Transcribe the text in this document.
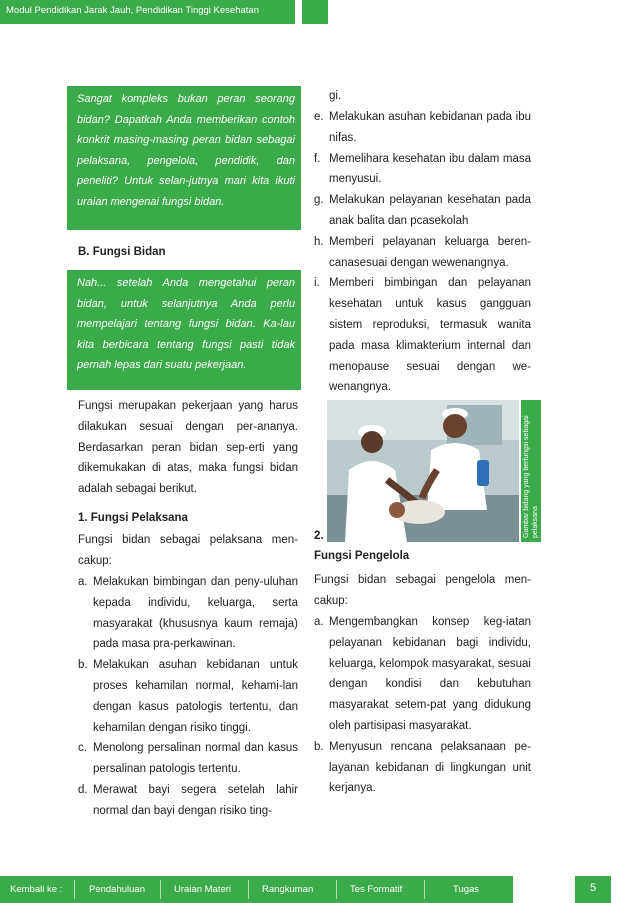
Modul Pendidikan Jarak Jauh, Pendidikan Tinggi Kesehatan

Sangat kompleks bukan peran seorang bidan? Dapatkah Anda memberikan contoh konkrit masing-masing peran bidan sebagai pelaksana, pengelola, pendidik, dan peneliti? Untuk selan-jutnya mari kita ikuti uraian mengenai fungsi bidan.

B. Fungsi Bidan

Nah... setelah Anda mengetahui peran bidan, untuk selanjutnya Anda perlu mempelajari tentang fungsi bidan. Ka-lau kita berbicara tentang fungsi pasti tidak pernah lepas dari suatu pekerjaan.

Fungsi merupakan pekerjaan yang harus dilakukan sesuai dengan per-ananya. Berdasarkan peran bidan sep-erti yang dikemukakan di atas, maka fungsi bidan adalah sebagai berikut.
1. Fungsi Pelaksana
Fungsi bidan sebagai pelaksana men-cakup:
a. Melakukan bimbingan dan peny-uluhan kepada individu, keluarga, serta masyarakat (khususnya kaum remaja) pada masa pra-perkawinan.
b. Melakukan asuhan kebidanan untuk proses kehamilan normal, kehami-lan dengan kasus patologis tertentu, dan kehamilan dengan risiko tinggi.
c. Menolong persalinan normal dan kasus persalinan patologis tertentu.
d. Merawat bayi segera setelah lahir normal dan bayi dengan risiko ting-
gi.
e. Melakukan asuhan kebidanan pada ibu nifas.
f. Memelihara kesehatan ibu dalam masa menyusui.
g. Melakukan pelayanan kesehatan pada anak balita dan pcasekolah
h. Memberi pelayanan keluarga beren-canasesuai dengan wewenangnya.
i. Memberi bimbingan dan pelayanan kesehatan untuk kasus gangguan sistem reproduksi, termasuk wanita pada masa klimakterium internal dan menopause sesuai dengan we-wenangnya.
Gambar bidang yang berfungsi sebagai pelaksana
2.
Fungsi Pengelola
Fungsi bidan sebagai pengelola men-cakup:
a. Mengembangkan konsep keg-iatan pelayanan kebidanan bagi individu, keluarga, kelompok masyarakat, sesuai dengan kondisi dan kebutuhan masyarakat setem-pat yang didukung oleh partisipasi masyarakat.
b. Menyusun rencana pelaksanaan pe-layanan kebidanan di lingkungan unit kerjanya.
Kembali ke :	Pendahuluan	Uraian Materi	Rangkuman	Tes Formatif	Tugas	5
